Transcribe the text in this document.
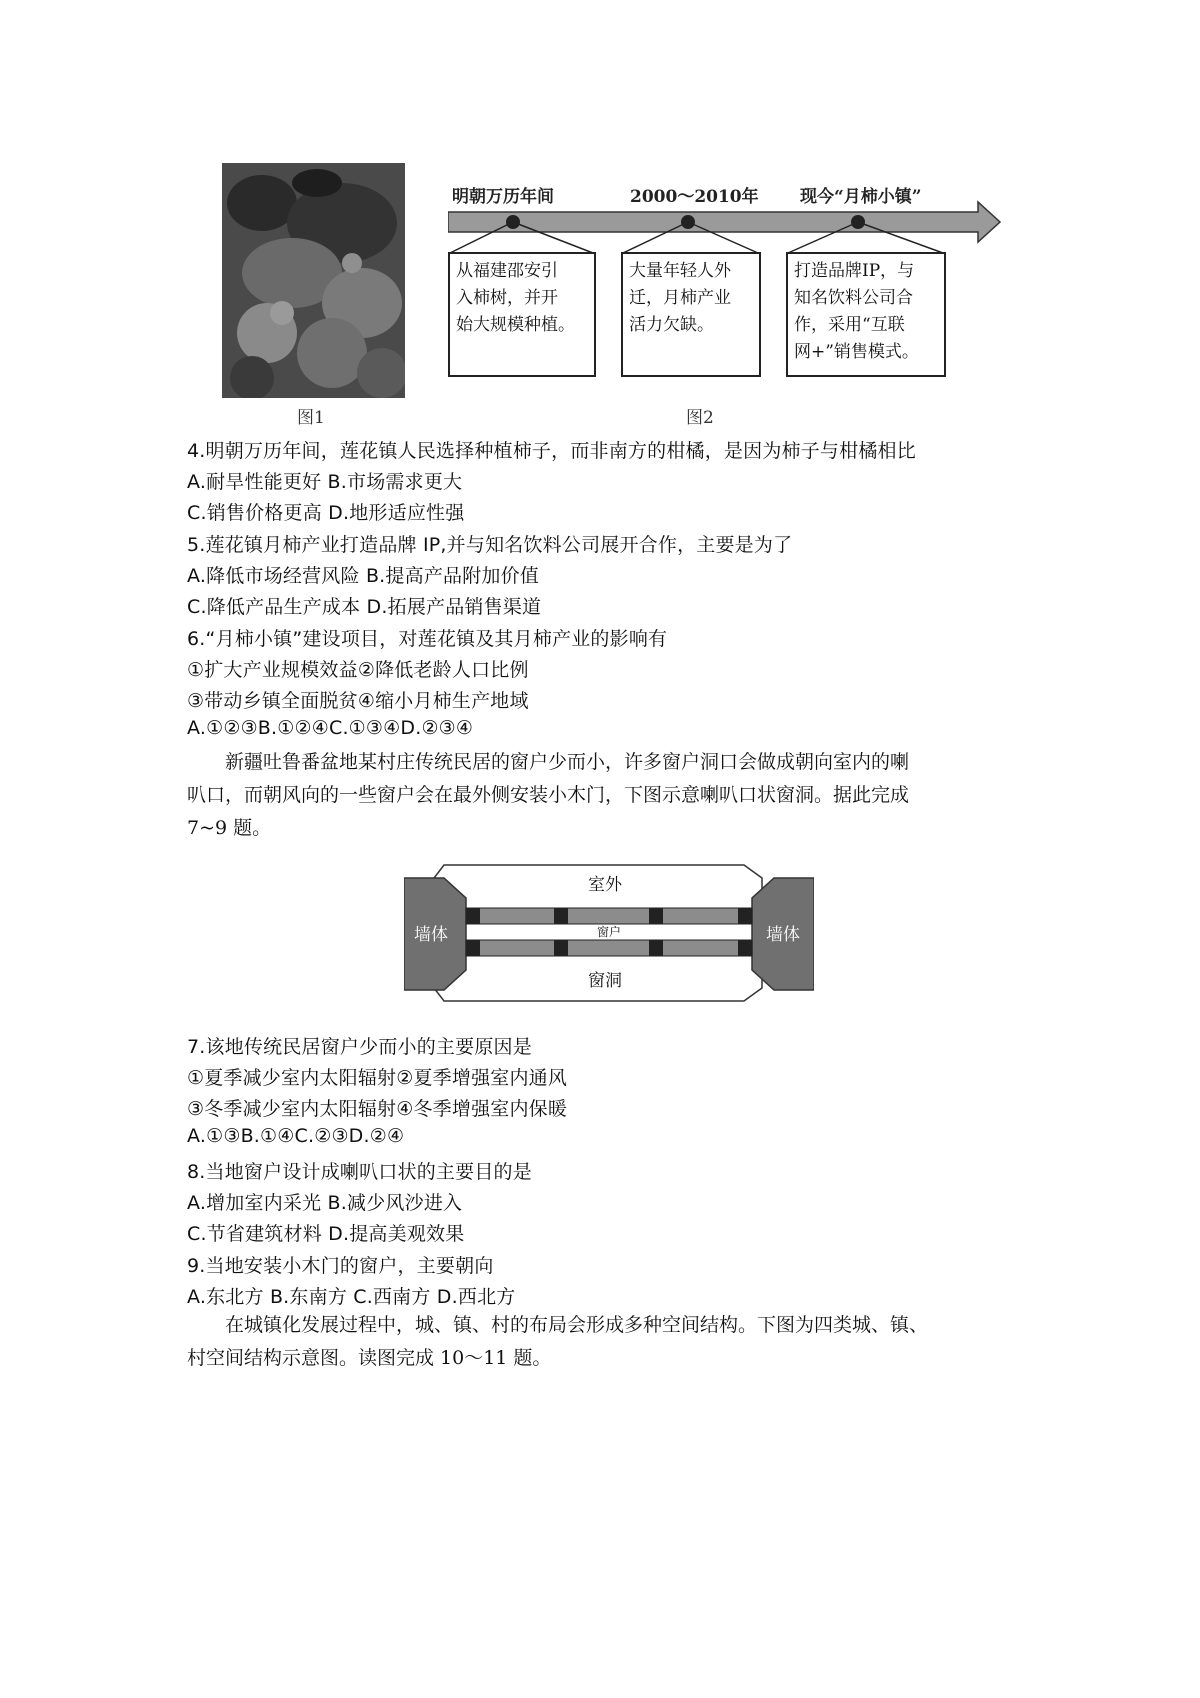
图1
明朝万历年间	2000～2010年 现今“月柿小镇”
从福建邵安引
入柿树，并开
始大规模种植。
大量年轻人外
迁，月柿产业
活力欠缺。
打造品牌IP，与
知名饮料公司合
作，采用“互联
网+”销售模式。
图2
4.明朝万历年间，莲花镇人民选择种植柿子，而非南方的柑橘，是因为柿子与柑橘相比
A.耐旱性能更好 B.市场需求更大
C.销售价格更高 D.地形适应性强
5.莲花镇月柿产业打造品牌 IP,并与知名饮料公司展开合作，主要是为了
A.降低市场经营风险 B.提高产品附加价值
C.降低产品生产成本 D.拓展产品销售渠道
6.“月柿小镇”建设项目，对莲花镇及其月柿产业的影响有
①扩大产业规模效益②降低老龄人口比例
③带动乡镇全面脱贫④缩小月柿生产地域
A.①②③B.①②④C.①③④D.②③④
新疆吐鲁番盆地某村庄传统民居的窗户少而小，许多窗户洞口会做成朝向室内的喇
叭口，而朝风向的一些窗户会在最外侧安装小木门，下图示意喇叭口状窗洞。据此完成
7~9 题。
室外
窗户
墙体	墙体
窗洞
7.该地传统民居窗户少而小的主要原因是
①夏季减少室内太阳辐射②夏季增强室内通风
③冬季减少室内太阳辐射④冬季增强室内保暖
A.①③B.①④C.②③D.②④
8.当地窗户设计成喇叭口状的主要目的是
A.增加室内采光 B.减少风沙进入
C.节省建筑材料 D.提高美观效果
9.当地安装小木门的窗户，主要朝向
A.东北方 B.东南方 C.西南方 D.西北方
在城镇化发展过程中，城、镇、村的布局会形成多种空间结构。下图为四类城、镇、
村空间结构示意图。读图完成 10～11 题。
